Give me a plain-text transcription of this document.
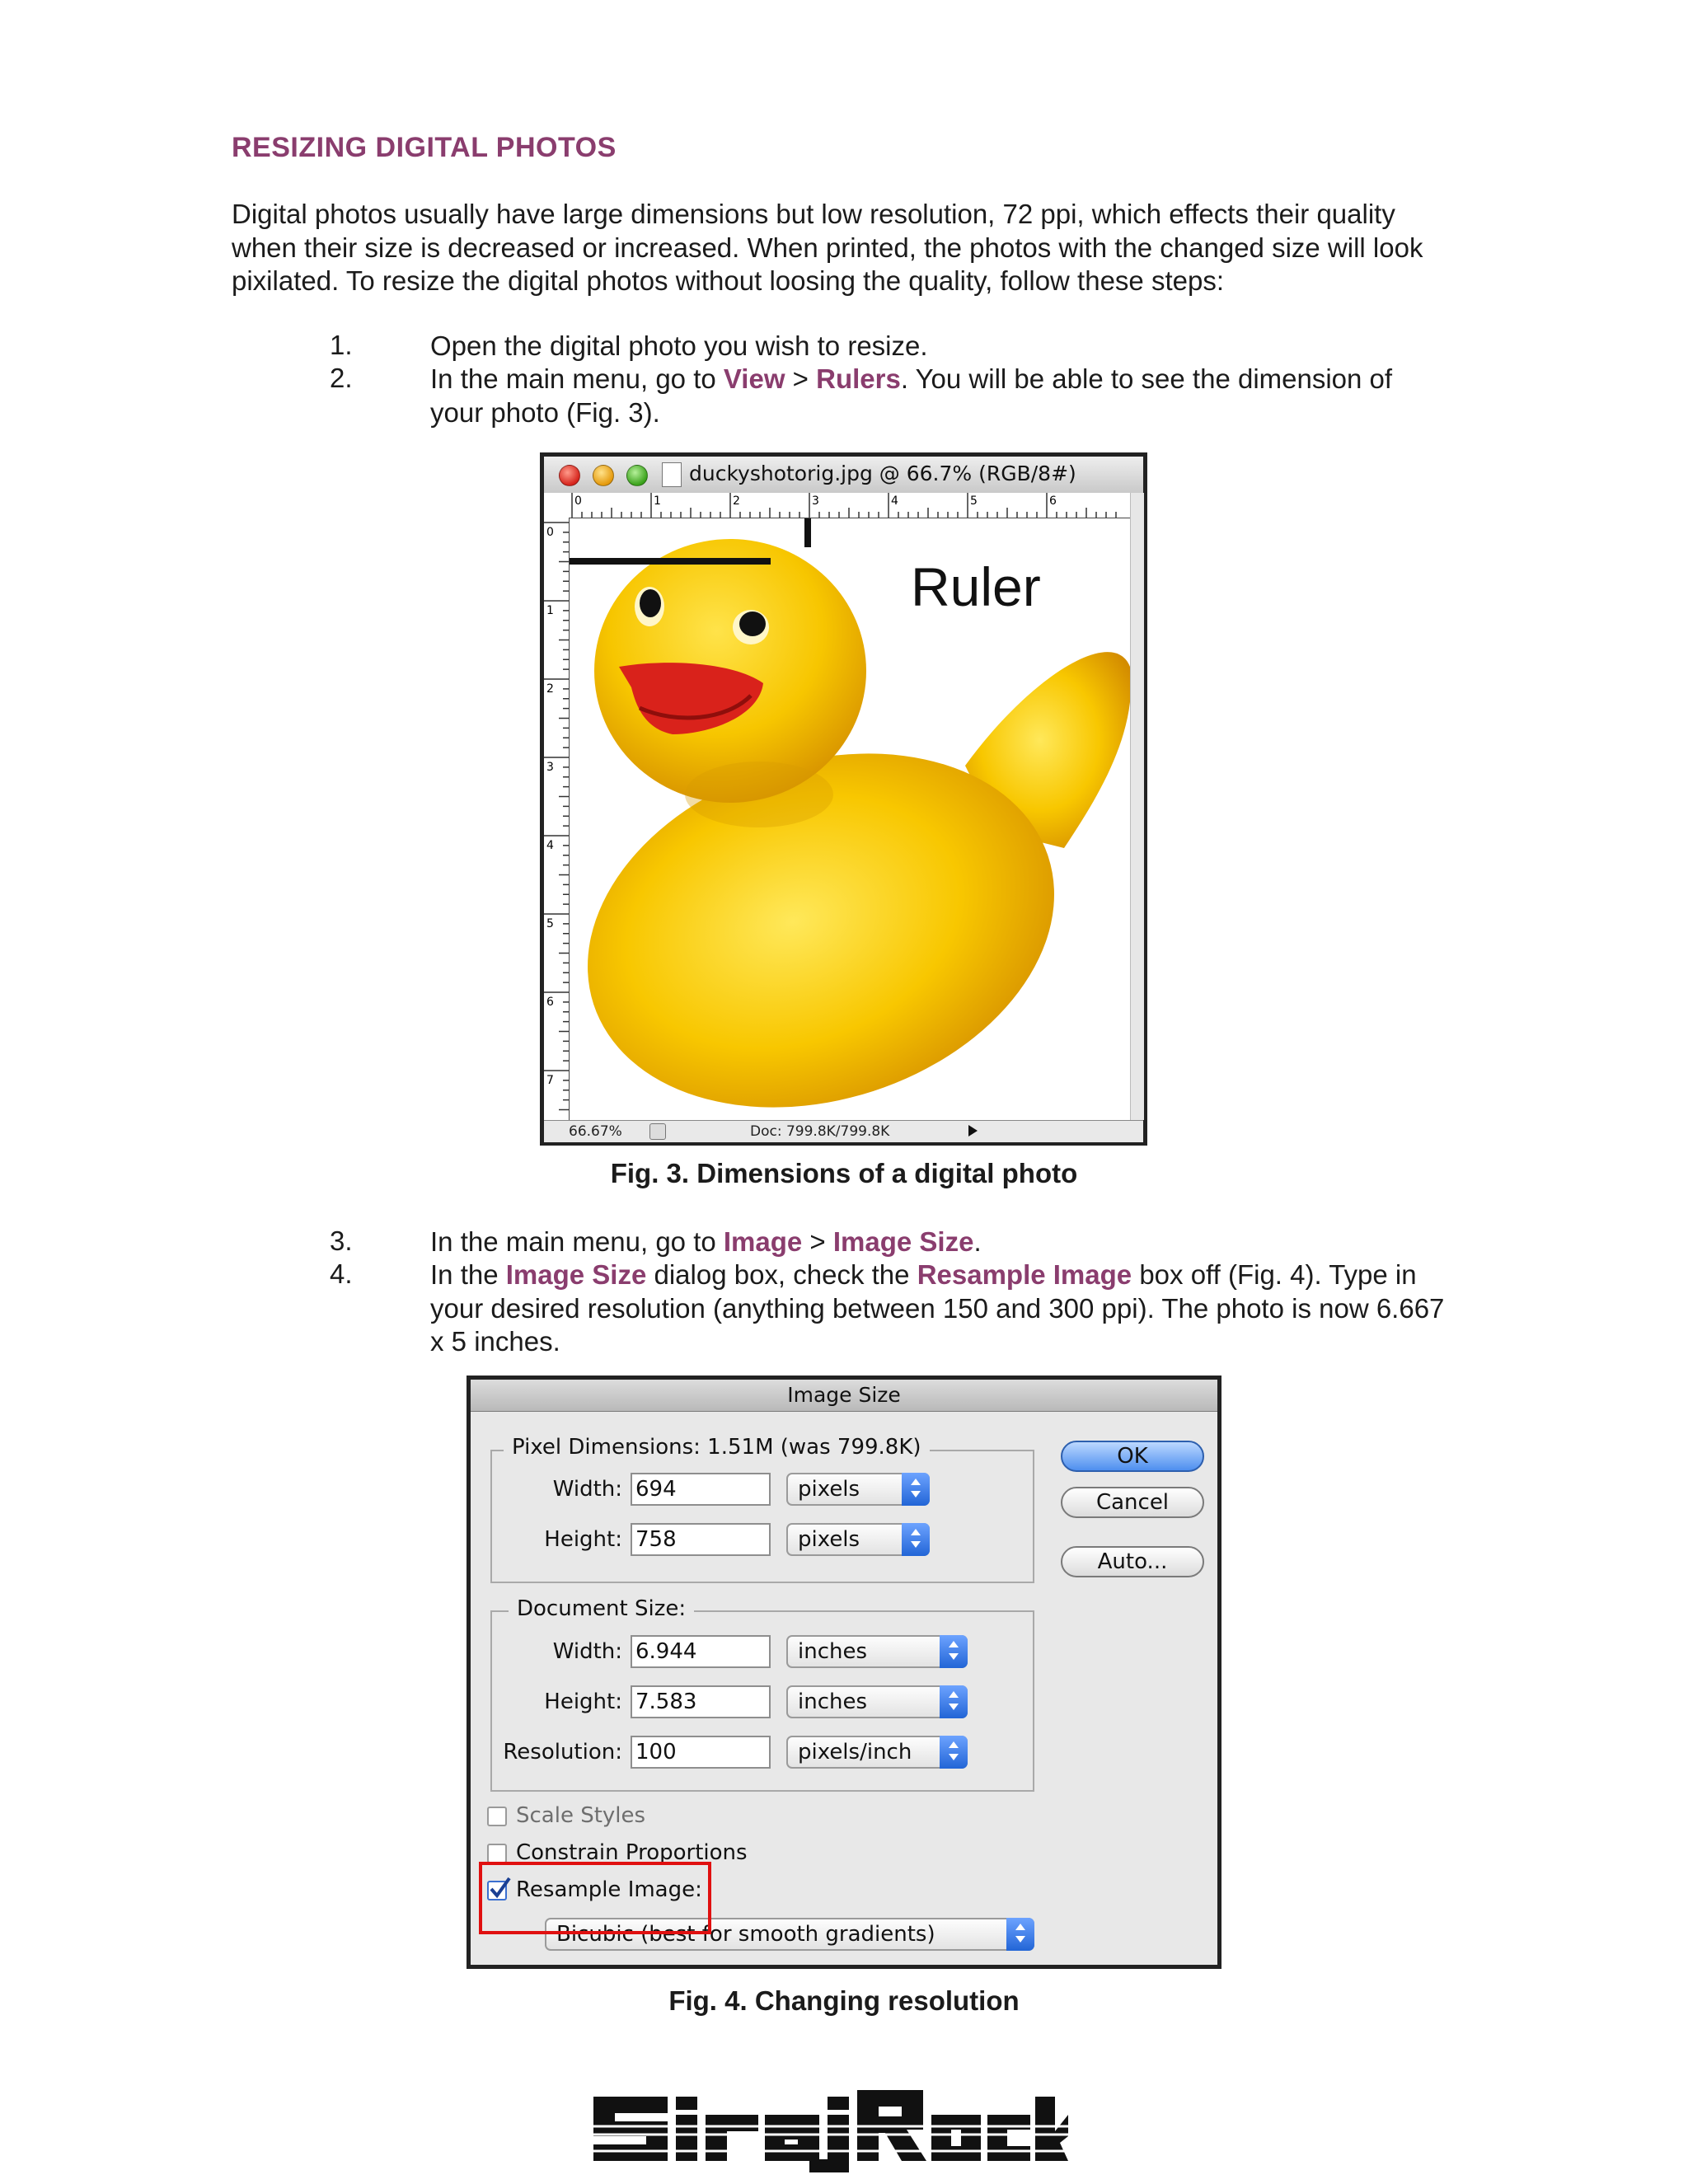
RESIZING DIGITAL PHOTOS
Digital photos usually have large dimensions but low resolution, 72 ppi, which effects their quality when their size is decreased or increased. When printed, the photos with the changed size will look pixilated. To resize the digital photos without loosing the quality, follow these steps:
1.	Open the digital photo you wish to resize.
2.	In the main menu, go to View > Rulers. You will be able to see the dimension of your photo (Fig. 3).
duckyshotorig.jpg @ 66.7% (RGB/8#)
0	1	2	3	4	5	6
0
1
2
3
4
5
6
7
Ruler
66.67%	Doc: 799.8K/799.8K
Fig. 3. Dimensions of a digital photo
3.	In the main menu, go to Image > Image Size.
4.	In the Image Size dialog box, check the Resample Image box off (Fig. 4). Type in your desired resolution (anything between 150 and 300 ppi). The photo is now 6.667 x 5 inches.
Image Size
Pixel Dimensions: 1.51M (was 799.8K)
Width: 694	pixels
Height: 758	pixels
Document Size:
Width: 6.944	inches
Height: 7.583	inches
Resolution: 100	pixels/inch
OK
Cancel
Auto...
Scale Styles
Constrain Proportions
Resample Image:
Bicubic (best for smooth gradients)
Fig. 4. Changing resolution
